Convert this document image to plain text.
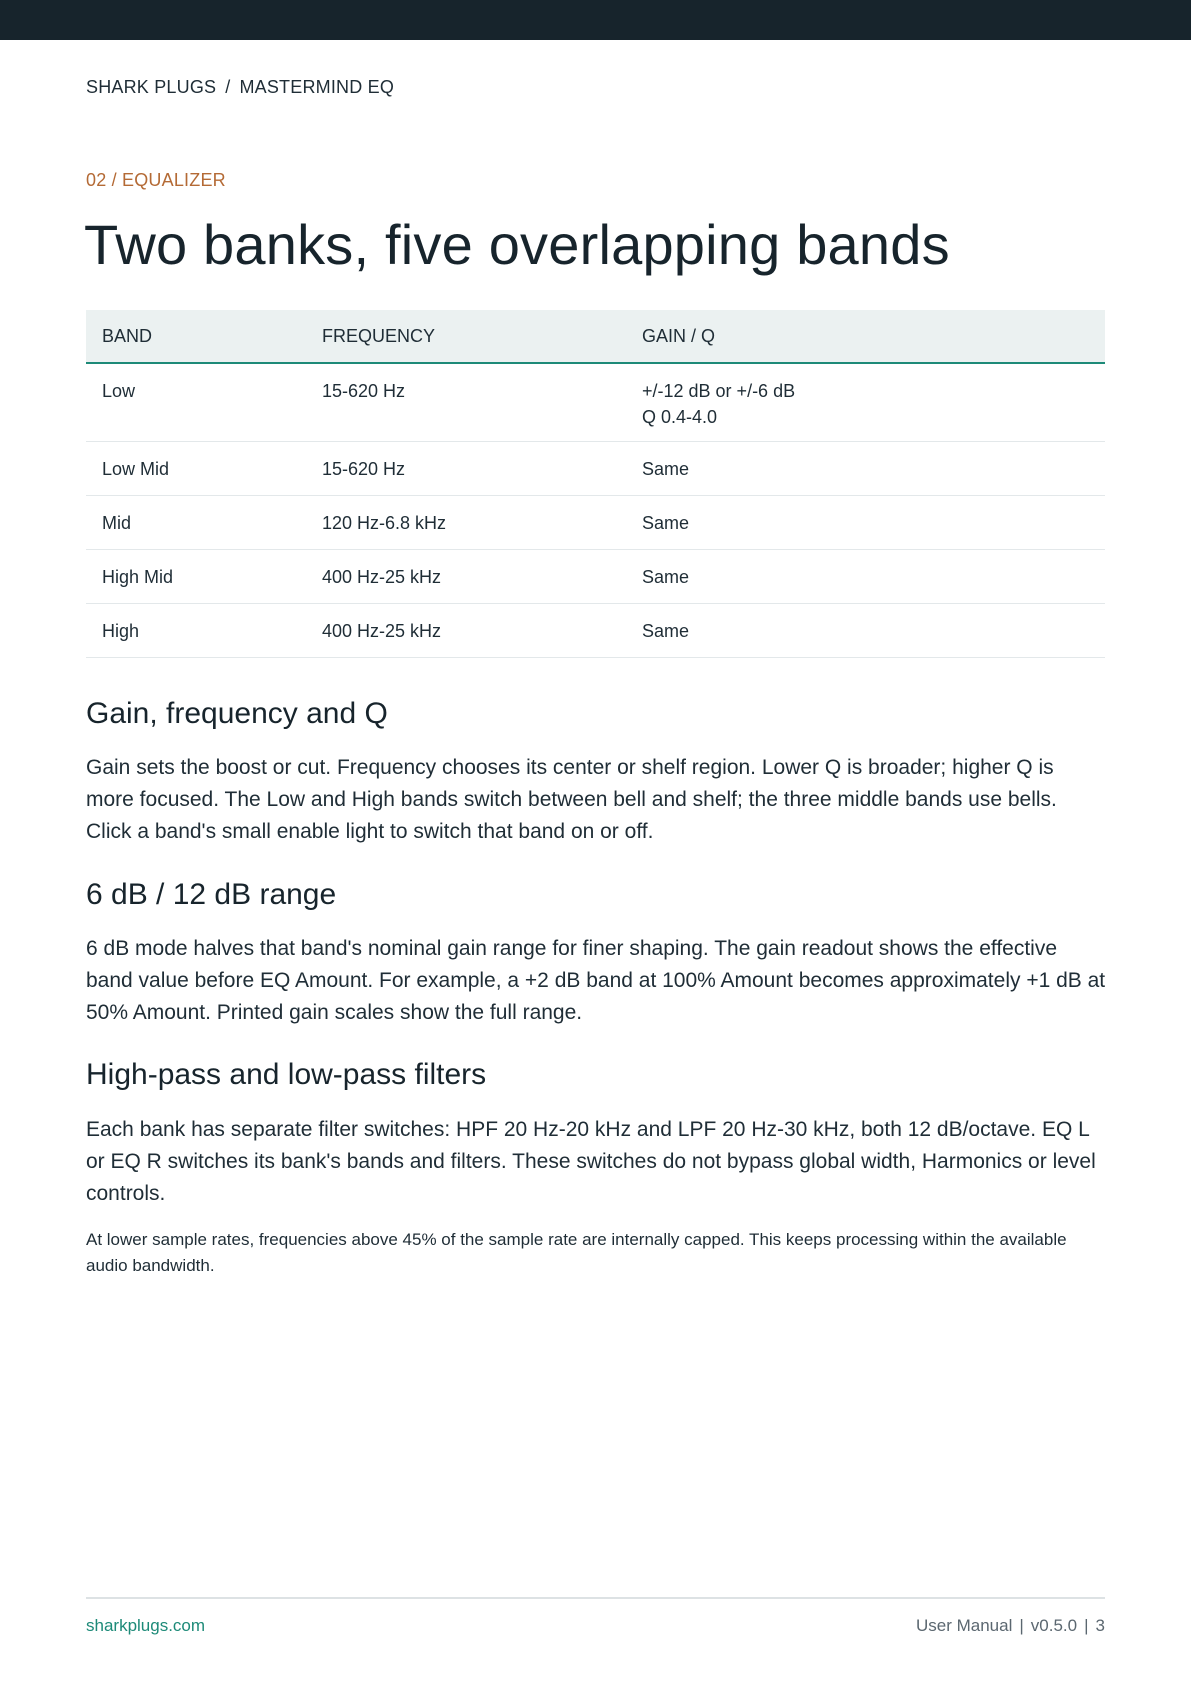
SHARK PLUGS / MASTERMIND EQ
02 / EQUALIZER
Two banks, five overlapping bands
BAND	FREQUENCY	GAIN / Q
Low	15-620 Hz	+/-12 dB or +/-6 dB
Q 0.4-4.0

Low Mid	15-620 Hz	Same
Mid	120 Hz-6.8 kHz	Same
High Mid	400 Hz-25 kHz	Same
High	400 Hz-25 kHz	Same
Gain, frequency and Q

Gain sets the boost or cut. Frequency chooses its center or shelf region. Lower Q is broader; higher Q is more focused. The Low and High bands switch between bell and shelf; the three middle bands use bells. Click a band's small enable light to switch that band on or off.

6 dB / 12 dB range

6 dB mode halves that band's nominal gain range for finer shaping. The gain readout shows the effective band value before EQ Amount. For example, a +2 dB band at 100% Amount becomes approximately +1 dB at 50% Amount. Printed gain scales show the full range.

High-pass and low-pass filters

Each bank has separate filter switches: HPF 20 Hz-20 kHz and LPF 20 Hz-30 kHz, both 12 dB/octave. EQ L or EQ R switches its bank's bands and filters. These switches do not bypass global width, Harmonics or level controls.

At lower sample rates, frequencies above 45% of the sample rate are internally capped. This keeps processing within the available audio bandwidth.

sharkplugs.com	User Manual | v0.5.0 | 3
